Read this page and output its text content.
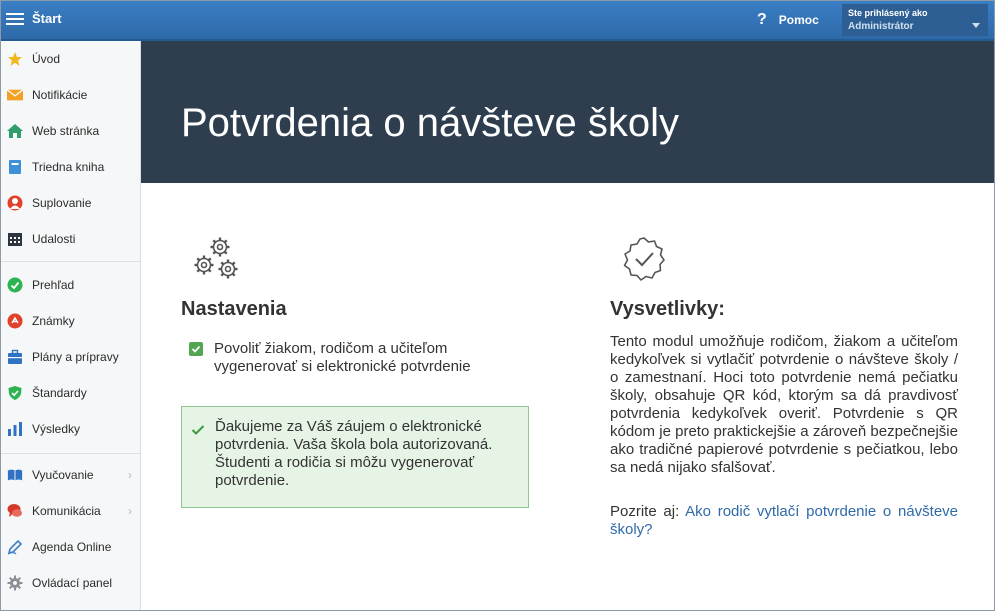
Štart	? Pomoc	Ste prihlásený ako
Administrátor
Úvod
Notifikácie
Web stránka
Triedna kniha
Suplovanie
Udalosti
Prehľad
Známky
Plány a prípravy
Štandardy
Výsledky
Vyučovanie	›
Komunikácia ›
Agenda Online
Ovládací panel
Potvrdenia o návšteve školy
Nastavenia
Povoliť žiakom, rodičom a učiteľom vygenerovať si elektronické potvrdenie
Ďakujeme za Váš záujem o elektronické potvrdenia. Vaša škola bola autorizovaná. Študenti a rodičia si môžu vygenerovať potvrdenie.
Vysvetlivky:

Tento modul umožňuje rodičom, žiakom a učiteľom kedykoľvek si vytlačiť potvrdenie o návšteve školy / o zamestnaní. Hoci toto potvrdenie nemá pečiatku školy, obsahuje QR kód, ktorým sa dá pravdivosť potvrdenia kedykoľvek overiť. Potvrdenie s QR kódom je preto praktickejšie a zároveň bezpečnejšie ako tradičné papierové potvrdenie s pečiatkou, lebo sa nedá nijako sfalšovať.

Pozrite aj: Ako rodič vytlačí potvrdenie o návšteve školy?
